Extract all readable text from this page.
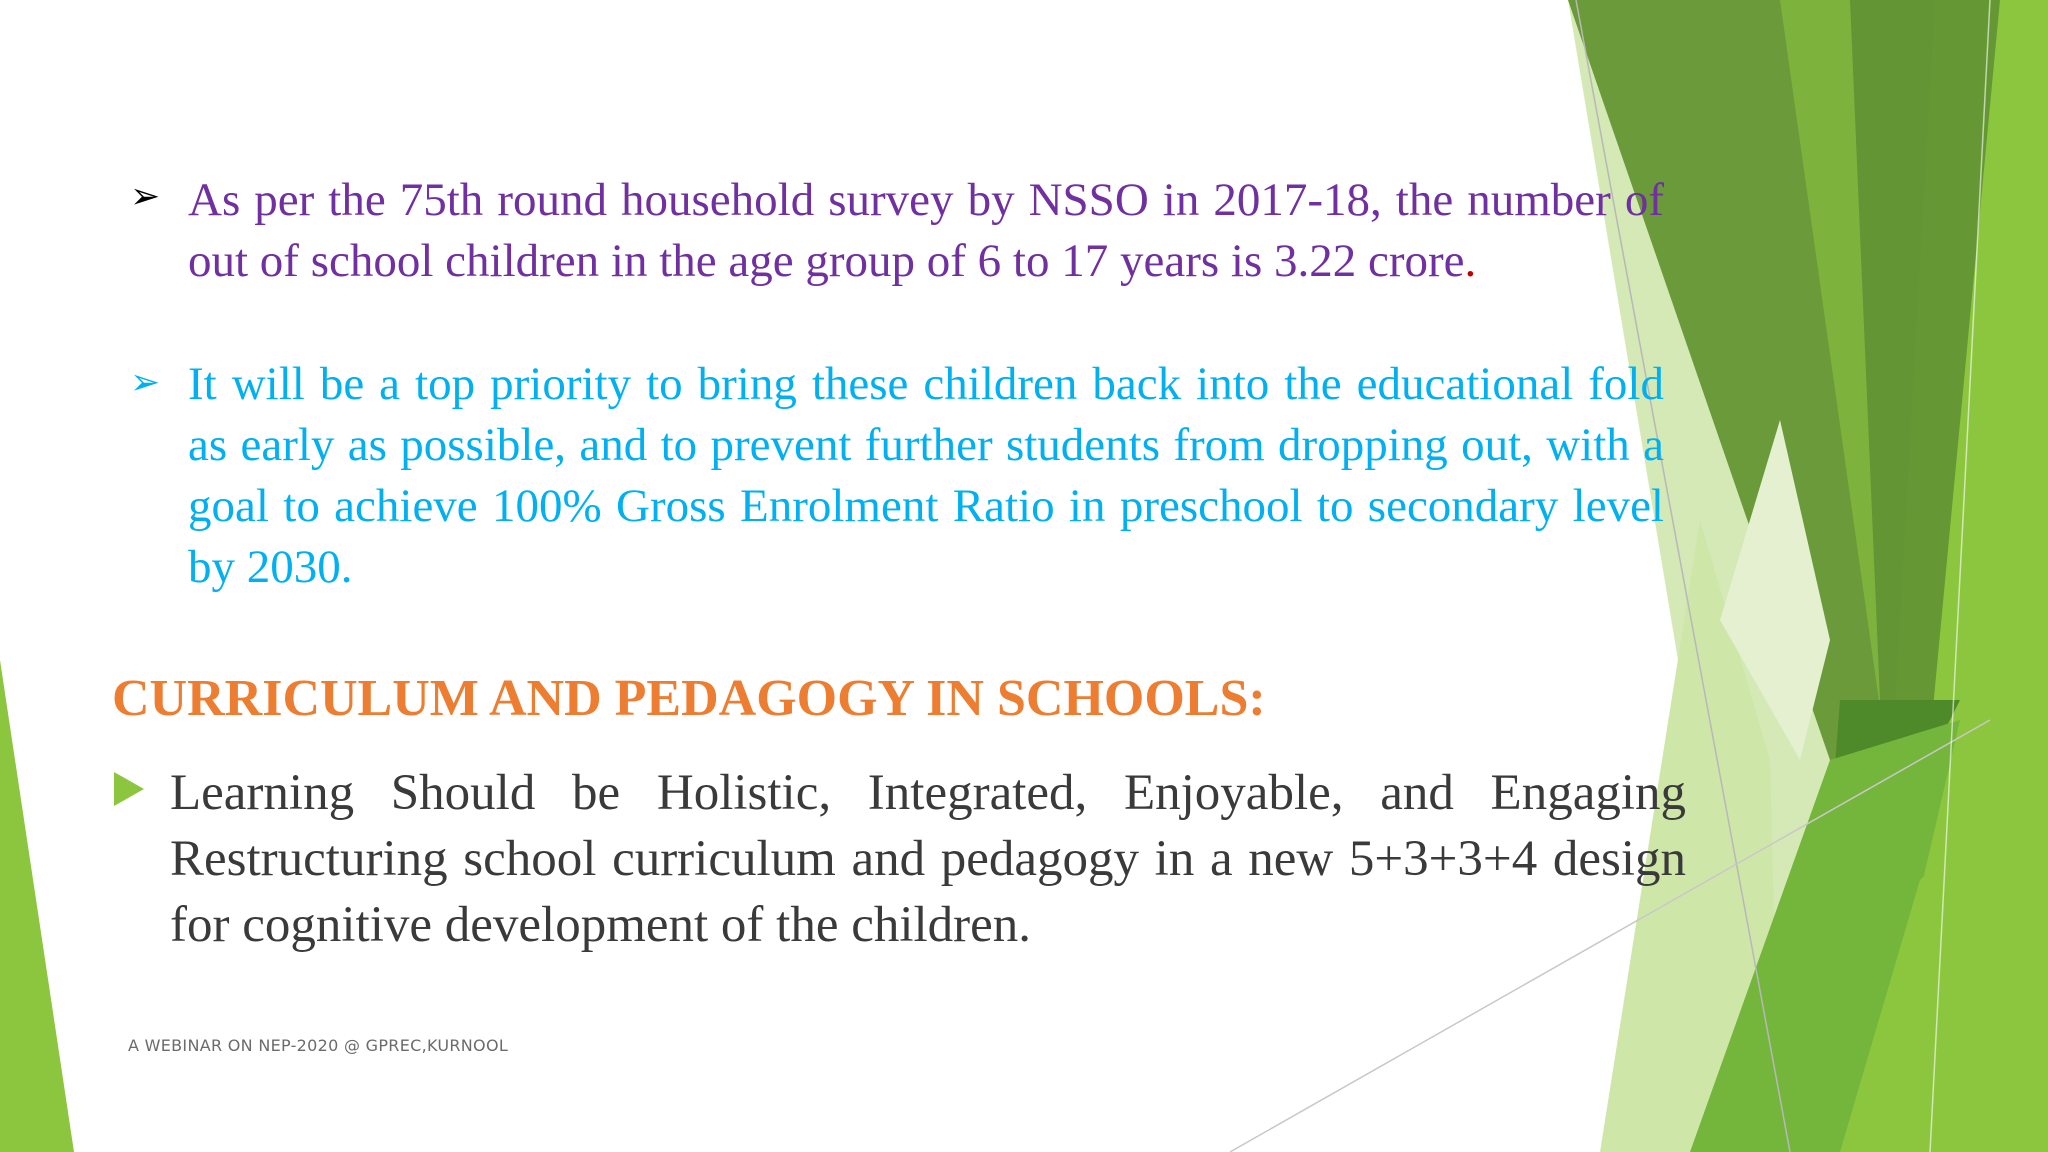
➢ As per the 75th round household survey by NSSO in 2017-18, the number of out of school children in the age group of 6 to 17 years is 3.22 crore.
➢ It will be a top priority to bring these children back into the educational fold as early as possible, and to prevent further students from dropping out, with a goal to achieve 100% Gross Enrolment Ratio in preschool to secondary level by 2030.
CURRICULUM AND PEDAGOGY IN SCHOOLS:
Learning Should be Holistic, Integrated, Enjoyable, and Engaging Restructuring school curriculum and pedagogy in a new 5+3+3+4 design for cognitive development of the children.
A WEBINAR ON NEP-2020 @ GPREC,KURNOOL
